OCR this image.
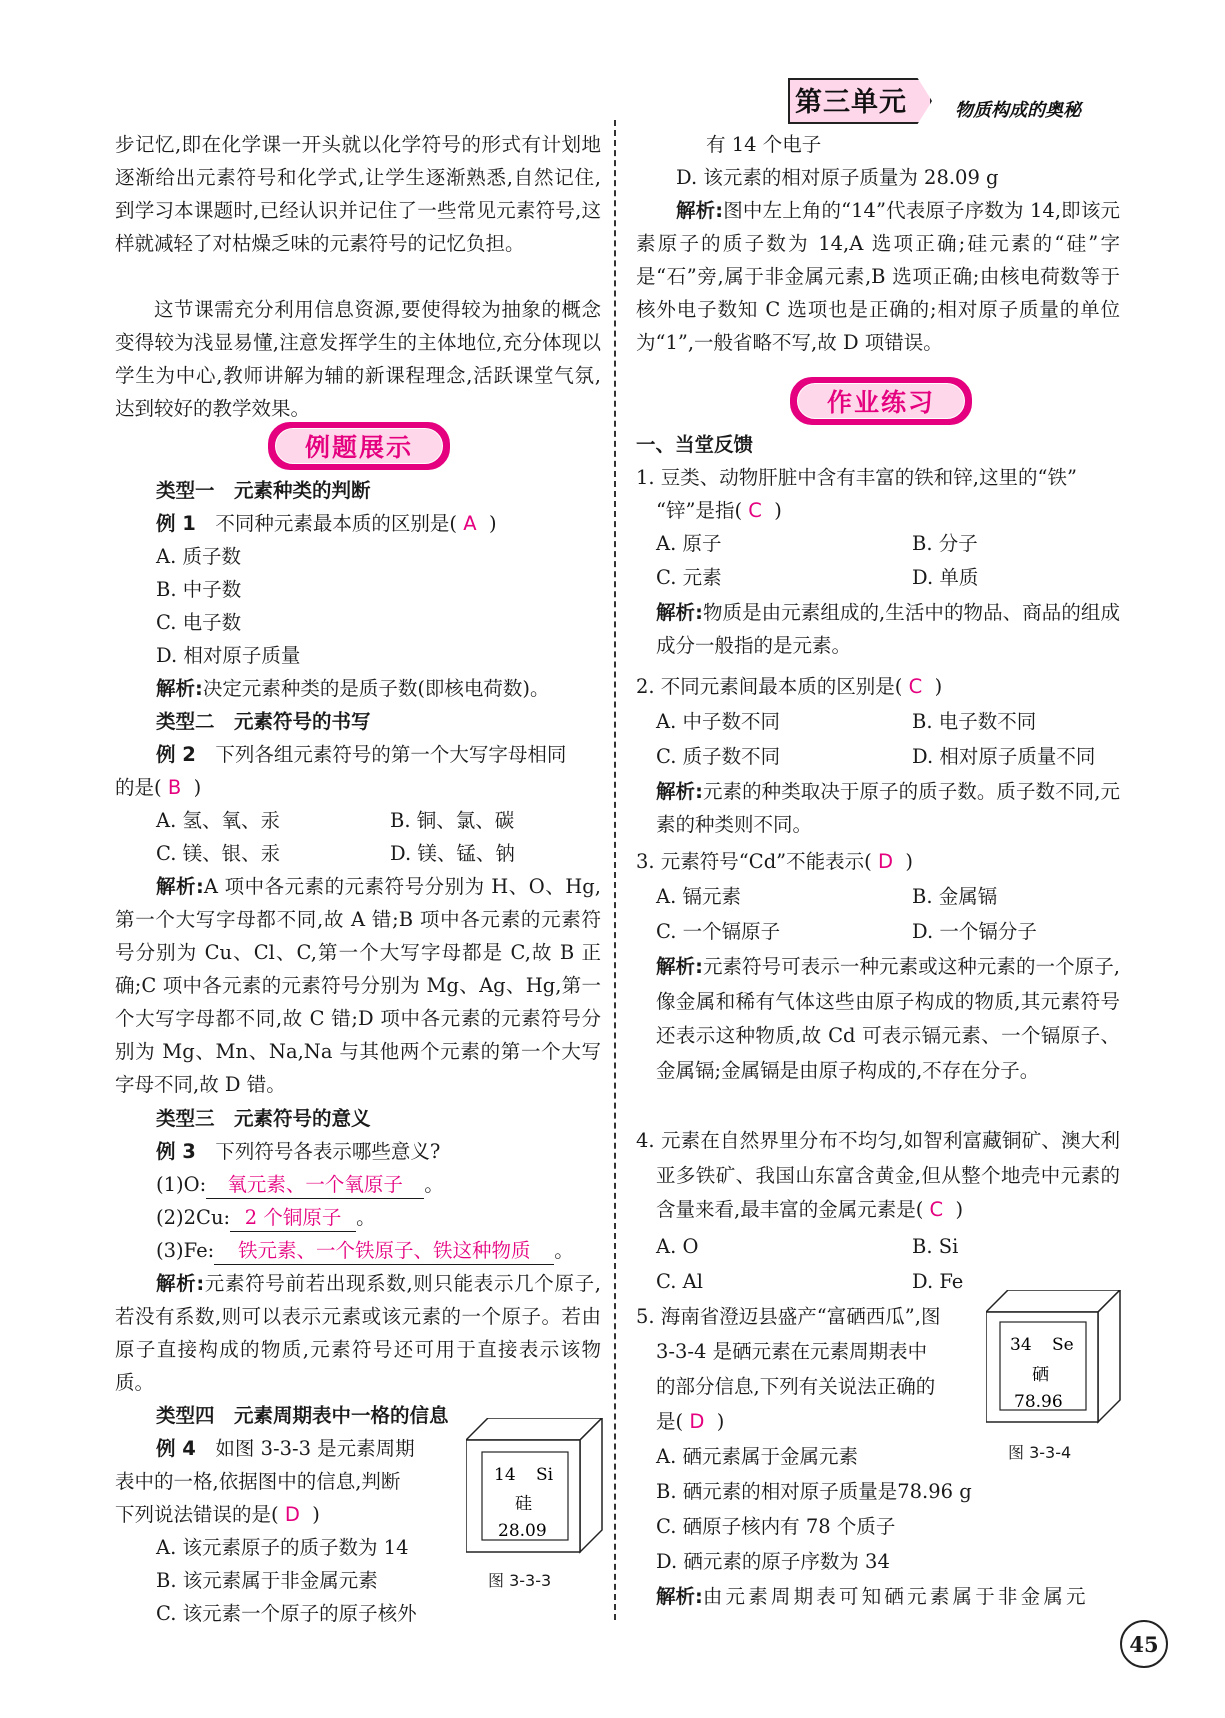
第三单元	物质构成的奥秘

步记忆,即在化学课一开头就以化学符号的形式有计划地逐渐给出元素符号和化学式,让学生逐渐熟悉,自然记住,到学习本课题时,已经认识并记住了一些常见元素符号,这样就减轻了对枯燥乏味的元素符号的记忆负担。

这节课需充分利用信息资源,要使得较为抽象的概念变得较为浅显易懂,注意发挥学生的主体地位,充分体现以学生为中心,教师讲解为辅的新课程理念,活跃课堂气氛,达到较好的教学效果。

例题展示

类型一　元素种类的判断

例 1　 不同种元素最本质的区别是( A )

A. 质子数

B. 中子数

C. 电子数

D. 相对原子质量

解析:决定元素种类的是质子数(即核电荷数)。

类型二　元素符号的书写

例 2　 下列各组元素符号的第一个大写字母相同

的是( B )

A. 氢、氧、汞	B. 铜、氯、碳

C. 镁、银、汞	D. 镁、锰、钠

解析:A 项中各元素的元素符号分别为 H、O、Hg,第一个大写字母都不同,故 A 错;B 项中各元素的元素符号分别为 Cu、Cl、C,第一个大写字母都是 C,故 B 正确;C 项中各元素的元素符号分别为 Mg、Ag、Hg,第一个大写字母都不同,故 C 错;D 项中各元素的元素符号分别为 Mg、Mn、Na,Na 与其他两个元素的第一个大写字母不同,故 D 错。

类型三　元素符号的意义

例 3　 下列符号各表示哪些意义?

(1)O: 氧元素、一个氧原子 。

(2)2Cu: 2 个铜原子 。

(3)Fe: 铁元素、一个铁原子、铁这种物质 。

解析:元素符号前若出现系数,则只能表示几个原子,若没有系数,则可以表示元素或该元素的一个原子。若由原子直接构成的物质,元素符号还可用于直接表示该物质。

类型四　元素周期表中一格的信息

例 4　 如图 3-3-3 是元素周期

表中的一格,依据图中的信息,判断

下列说法错误的是( D )

A. 该元素原子的质子数为 14

B. 该元素属于非金属元素

C. 该元素一个原子的原子核外

14 Si
硅
28.09
图 3-3-3

有 14 个电子

D. 该元素的相对原子质量为 28.09 g

解析:图中左上角的“14”代表原子序数为 14,即该元素原子的质子数为 14,A 选项正确;硅元素的“硅”字是“石”旁,属于非金属元素,B 选项正确;由核电荷数等于核外电子数知 C 选项也是正确的;相对原子质量的单位为“1”,一般省略不写,故 D 项错误。

作业练习

一、当堂反馈

1. 豆类、动物肝脏中含有丰富的铁和锌,这里的“铁”

“锌”是指( C )

A. 原子	B. 分子

C. 元素	D. 单质

解析:物质是由元素组成的,生活中的物品、商品的组成成分一般指的是元素。

2. 不同元素间最本质的区别是( C )

A. 中子数不同	B. 电子数不同

C. 质子数不同	D. 相对原子质量不同

解析:元素的种类取决于原子的质子数。质子数不同,元素的种类则不同。

3. 元素符号“Cd”不能表示( D )

A. 镉元素	B. 金属镉

C. 一个镉原子	D. 一个镉分子

解析:元素符号可表示一种元素或这种元素的一个原子,像金属和稀有气体这些由原子构成的物质,其元素符号还表示这种物质,故 Cd 可表示镉元素、一个镉原子、金属镉;金属镉是由原子构成的,不存在分子。

4. 元素在自然界里分布不均匀,如智利富藏铜矿、澳大利亚多铁矿、我国山东富含黄金,但从整个地壳中元素的含量来看,最丰富的金属元素是( C )

A. O	B. Si

C. Al	D. Fe

5. 海南省澄迈县盛产“富硒西瓜”,图

3-3-4 是硒元素在元素周期表中

的部分信息,下列有关说法正确的

是( D )

A. 硒元素属于金属元素

B. 硒元素的相对原子质量是78.96 g

C. 硒原子核内有 78 个质子

D. 硒元素的原子序数为 34

解析:由元素周期表可知硒元素属于非金属元

34 Se
硒
78.96
图 3-3-4
45
